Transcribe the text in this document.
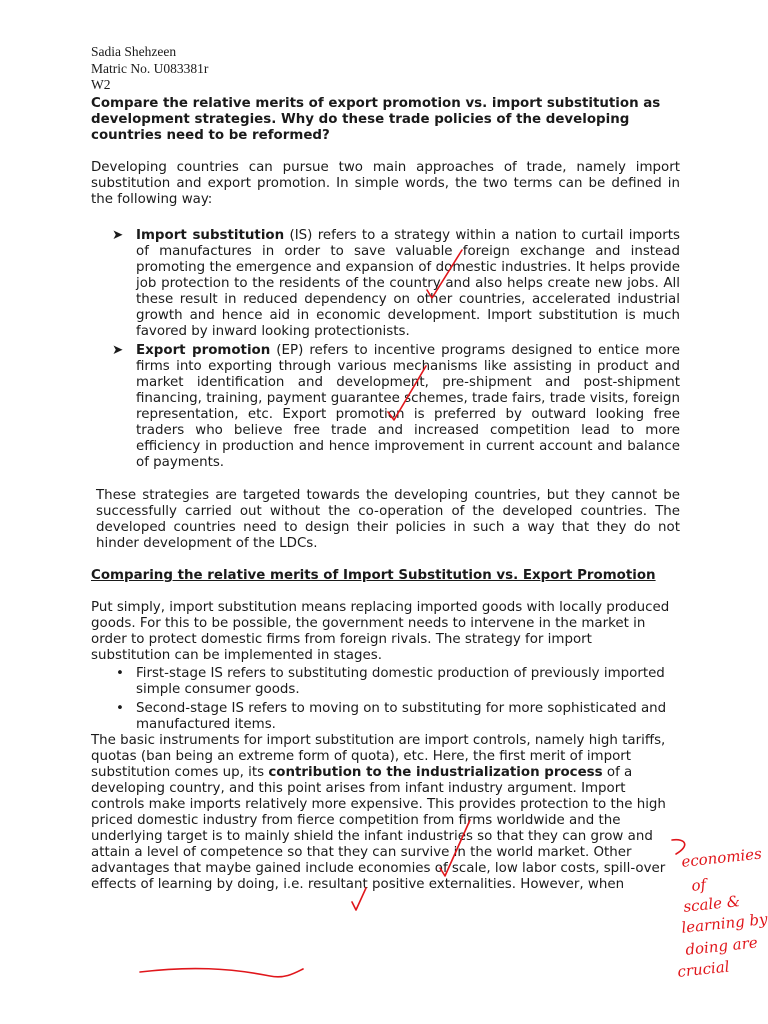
Sadia Shehzeen
Matric No. U083381r
W2
Compare the relative merits of export promotion vs. import substitution as development strategies. Why do these trade policies of the developing countries need to be reformed?
Developing countries can pursue two main approaches of trade, namely import substitution and export promotion. In simple words, the two terms can be defined in the following way:
➤ Import substitution (IS) refers to a strategy within a nation to curtail imports of manufactures in order to save valuable foreign exchange and instead promoting the emergence and expansion of domestic industries. It helps provide job protection to the residents of the country and also helps create new jobs. All these result in reduced dependency on other countries, accelerated industrial growth and hence aid in economic development. Import substitution is much favored by inward looking protectionists.
➤ Export promotion (EP) refers to incentive programs designed to entice more firms into exporting through various mechanisms like assisting in product and market identification and development, pre-shipment and post-shipment financing, training, payment guarantee schemes, trade fairs, trade visits, foreign representation, etc. Export promotion is preferred by outward looking free traders who believe free trade and increased competition lead to more efficiency in production and hence improvement in current account and balance of payments.
These strategies are targeted towards the developing countries, but they cannot be successfully carried out without the co-operation of the developed countries. The developed countries need to design their policies in such a way that they do not hinder development of the LDCs.
Comparing the relative merits of Import Substitution vs. Export Promotion
Put simply, import substitution means replacing imported goods with locally produced goods. For this to be possible, the government needs to intervene in the market in order to protect domestic firms from foreign rivals. The strategy for import substitution can be implemented in stages.
• First-stage IS refers to substituting domestic production of previously imported simple consumer goods.
• Second-stage IS refers to moving on to substituting for more sophisticated and manufactured items.
The basic instruments for import substitution are import controls, namely high tariffs, quotas (ban being an extreme form of quota), etc. Here, the first merit of import substitution comes up, its contribution to the industrialization process of a developing country, and this point arises from infant industry argument. Import controls make imports relatively more expensive. This provides protection to the high priced domestic industry from fierce competition from firms worldwide and the underlying target is to mainly shield the infant industries so that they can grow and attain a level of competence so that they can survive in the world market. Other advantages that maybe gained include economies of scale, low labor costs, spill-over effects of learning by doing, i.e. resultant positive externalities. However, when
economies
of
scale &
learning by
doing are
crucial
